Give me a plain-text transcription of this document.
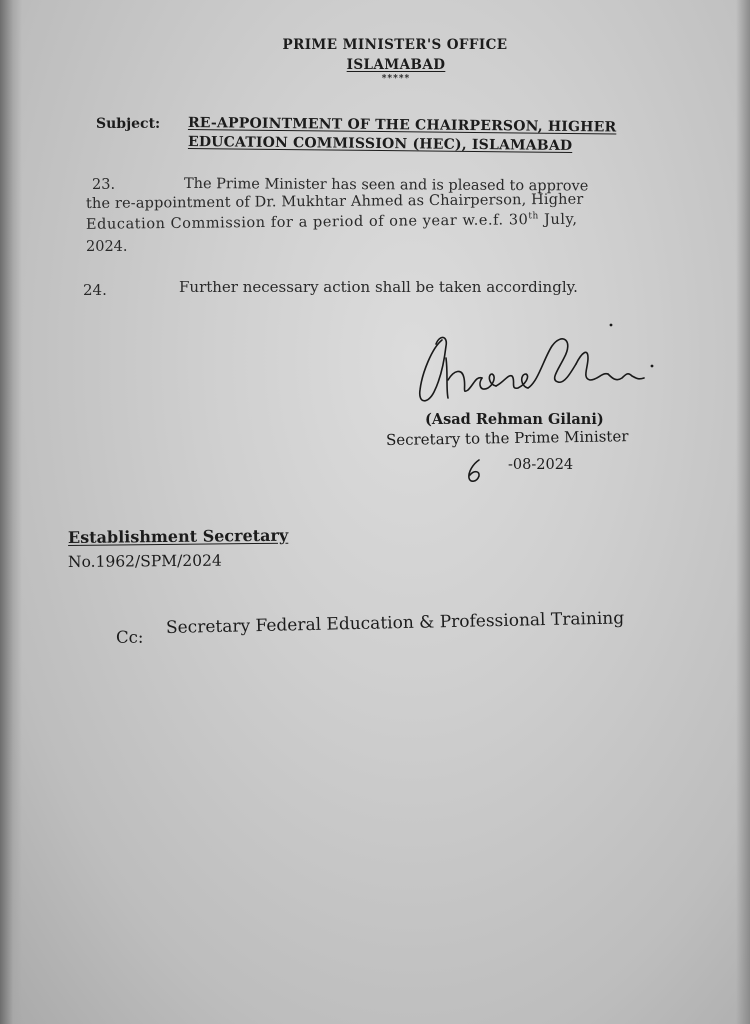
PRIME MINISTER'S OFFICE
ISLAMABAD
*****
Subject: RE-APPOINTMENT OF THE CHAIRPERSON, HIGHER
EDUCATION COMMISSION (HEC), ISLAMABAD
23.	The Prime Minister has seen and is pleased to approve
the re-appointment of Dr. Mukhtar Ahmed as Chairperson, Higher
Education Commission for a period of one year w.e.f. 30th July,
2024.
24.	Further necessary action shall be taken accordingly.
(Asad Rehman Gilani)
Secretary to the Prime Minister
-08-2024
Establishment Secretary
No.1962/SPM/2024
Cc: Secretary Federal Education & Professional Training
